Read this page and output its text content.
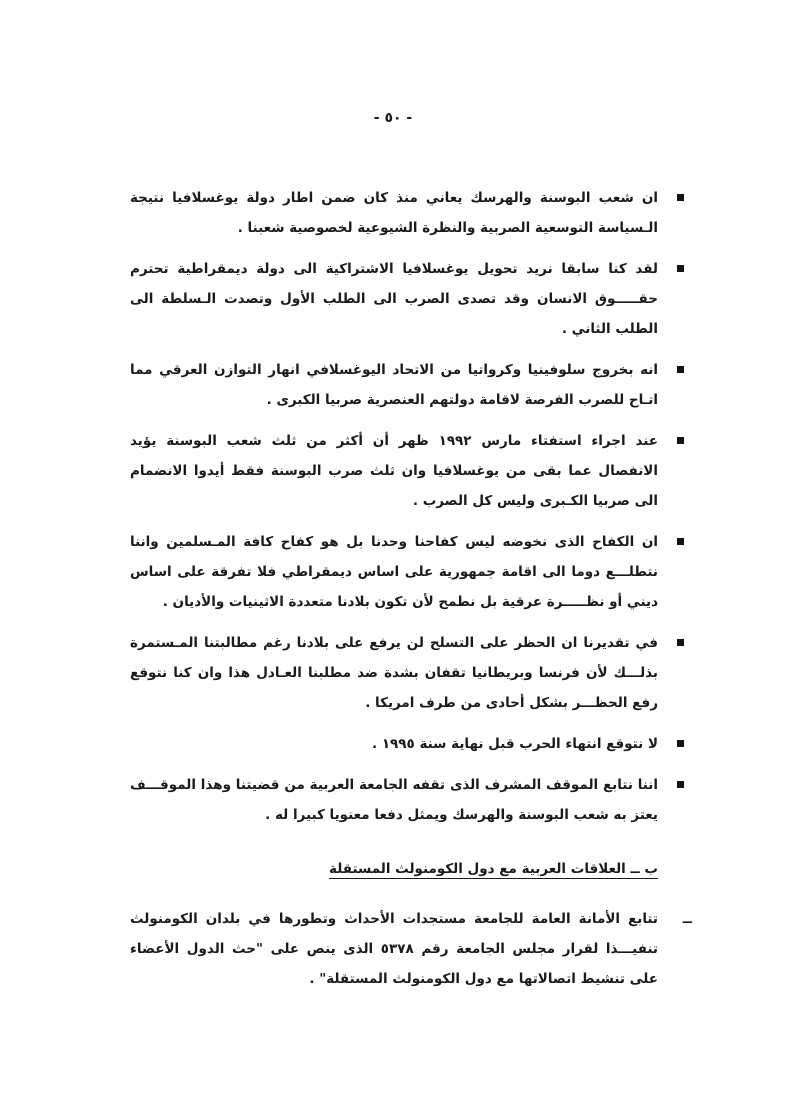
- ٥٠ -
ان شعب البوسنة والهرسك يعاني منذ كان ضمن اطار دولة يوغسلافيا نتيجة الـسياسة التوسعية الصربية والنظرة الشيوعية لخصوصية شعبنا .
لقد كنا سابقا نريد تحويل يوغسلافيا الاشتراكية الى دولة ديمقراطية تحترم حقـــــوق الانسان وقد تصدى الصرب الى الطلب الأول وتصدت الـسلطة الى الطلب الثاني .
انه بخروج سلوفينيا وكرواتيا من الاتحاد اليوغسلافي انهار التوازن العرقي مما اتـاح للصرب الفرصة لاقامة دولتهم العنصرية صربيا الكبرى .
عند اجراء استفتاء مارس ١٩٩٢ ظهر أن أكثر من ثلث شعب البوسنة يؤيد الانفصال عما بقى من يوغسلافيا وان ثلث صرب البوسنة فقط أيدوا الانضمام الى صربيا الكـبرى وليس كل الصرب .
ان الكفاح الذى نخوضه ليس كفاحنا وحدنا بل هو كفاح كافة المـسلمين واننا نتطلـــع دوما الى اقامة جمهورية على اساس ديمقراطي فلا تفرقة على اساس ديني أو نظـــــرة عرقية بل نطمح لأن تكون بلادنا متعددة الاثينيات والأديان .
في تقديرنا ان الحظر على التسلح لن يرفع على بلادنا رغم مطالبتنا المـستمرة بذلـــك لأن فرنسا وبريطانيا تقفان بشدة ضد مطلبنا العـادل هذا وان كنا نتوقع رفع الحظـــر بشكل أحادى من طرف امريكا .
لا نتوقع انتهاء الحرب قبل نهاية سنة ١٩٩٥ .
اننا نتابع الموقف المشرف الذى تقفه الجامعة العربية من قضيتنا وهذا الموقـــف يعتز به شعب البوسنة والهرسك ويمثل دفعا معنويا كبيرا له .
ب ــ العلاقات العربية مع دول الكومنولث المستقلة
ــ
تتابع الأمانة العامة للجامعة مستجدات الأحداث وتطورها في بلدان الكومنولث تنفيـــذا لقرار مجلس الجامعة رقم ٥٣٧٨ الذى ينص على "حث الدول الأعضاء على تنشيط اتصالاتها مع دول الكومنولث المستقلة" .
